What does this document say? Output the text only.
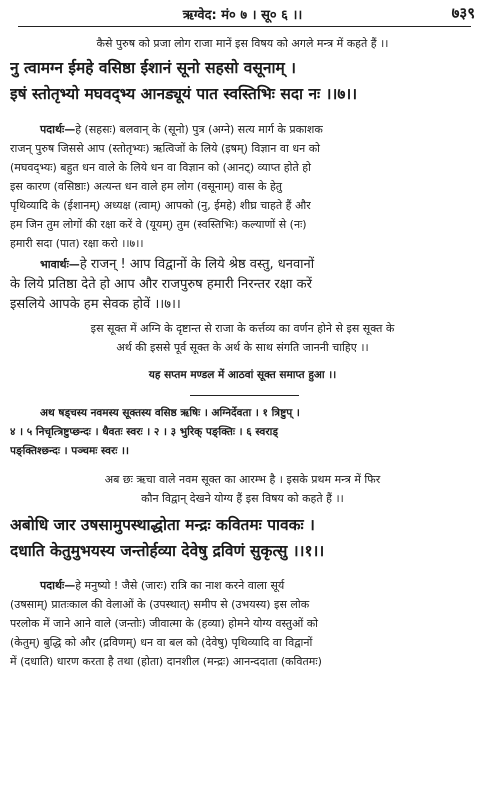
ऋग्वेद: मं० ७ । सू० ६ ।।	७३९

कैसे पुरुष को प्रजा लोग राजा मानें इस विषय को अगले मन्त्र में कहते हैं ।।

नु त्वामग्न ईमहे वसिष्ठा ईशानं सूनो सहसो वसूनाम् ।

इषं स्तोतृभ्यो मघवद्भ्य आनड्यूयं पात स्वस्तिभिः सदा नः ।।७।।

पदार्थः—हे (सहसः) बलवान् के (सूनो) पुत्र (अग्ने) सत्य मार्ग के प्रकाशक

राजन् पुरुष जिससे आप (स्तोतृभ्यः) ऋत्विजों के लिये (इषम्) विज्ञान वा धन को

(मघवद्भ्यः) बहुत धन वाले के लिये धन वा विज्ञान को (आनट्) व्याप्त होते हो

इस कारण (वसिष्ठाः) अत्यन्त धन वाले हम लोग (वसूनाम्) वास के हेतु

पृथिव्यादि के (ईशानम्) अध्यक्ष (त्वाम्) आपको (नु, ईमहे) शीघ्र चाहते हैं और

हम जिन तुम लोगों की रक्षा करें वे (यूयम्) तुम (स्वस्तिभिः) कल्याणों से (नः)

हमारी सदा (पात) रक्षा करो ।।७।।

भावार्थः—हे राजन् ! आप विद्वानों के लिये श्रेष्ठ वस्तु, धनवानों

के लिये प्रतिष्ठा देते हो आप और राजपुरुष हमारी निरन्तर रक्षा करें

इसलिये आपके हम सेवक होवें ।।७।।

इस सूक्त में अग्नि के दृष्टान्त से राजा के कर्त्तव्य का वर्णन होने से इस सूक्त के

अर्थ की इससे पूर्व सूक्त के अर्थ के साथ संगति जाननी चाहिए ।।

यह सप्तम मण्डल में आठवां सूक्त समाप्त हुआ ।।

अथ षड्चस्य नवमस्य सूक्तस्य वसिष्ठ ऋषिः । अग्निर्देवता । १ त्रिष्टुप् ।

४ । ५ निचृत्त्रिष्टुप्छन्दः । धैवतः स्वरः । २ । ३ भुरिक् पङ्क्तिः । ६ स्वराड्

पङ्क्तिश्छन्दः । पञ्चमः स्वरः ।।

अब छः ऋचा वाले नवम सूक्त का आरम्भ है । इसके प्रथम मन्त्र में फिर

कौन विद्वान् देखने योग्य हैं इस विषय को कहते हैं ।।

अबोधि जार उषसामुपस्थाद्धोता मन्द्रः कवितमः पावकः ।

दधाति केतुमुभयस्य जन्तोर्हव्या देवेषु द्रविणं सुकृत्सु ।।१।।

पदार्थः—हे मनुष्यो ! जैसे (जारः) रात्रि का नाश करने वाला सूर्य

(उषसाम्) प्रातःकाल की वेलाओं के (उपस्थात्) समीप से (उभयस्य) इस लोक

परलोक में जाने आने वाले (जन्तोः) जीवात्मा के (हव्या) होमने योग्य वस्तुओं को

(केतुम्) बुद्धि को और (द्रविणम्) धन वा बल को (देवेषु) पृथिव्यादि वा विद्वानों

में (दधाति) धारण करता है तथा (होता) दानशील (मन्द्रः) आनन्ददाता (कवितमः)
